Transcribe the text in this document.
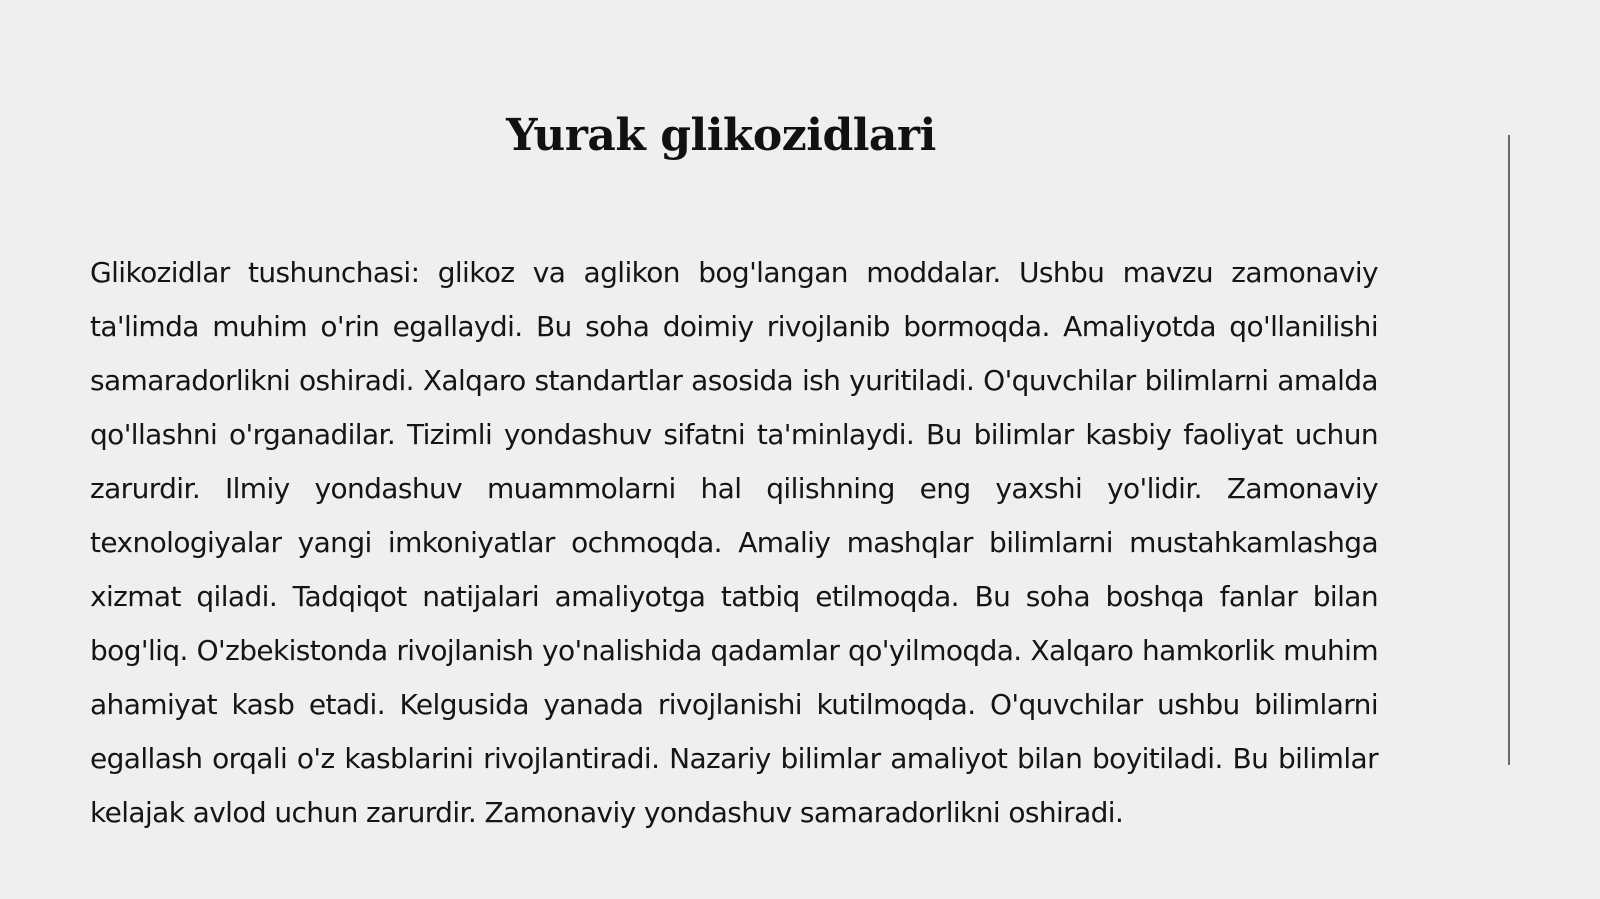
Yurak glikozidlari

Glikozidlar tushunchasi: glikoz va aglikon bog'langan moddalar. Ushbu mavzu zamonaviy ta'limda muhim o'rin egallaydi. Bu soha doimiy rivojlanib bormoqda. Amaliyotda qo'llanilishi samaradorlikni oshiradi. Xalqaro standartlar asosida ish yuritiladi. O'quvchilar bilimlarni amalda qo'llashni o'rganadilar. Tizimli yondashuv sifatni ta'minlaydi. Bu bilimlar kasbiy faoliyat uchun zarurdir. Ilmiy yondashuv muammolarni hal qilishning eng yaxshi yo'lidir. Zamonaviy texnologiyalar yangi imkoniyatlar ochmoqda. Amaliy mashqlar bilimlarni mustahkamlashga xizmat qiladi. Tadqiqot natijalari amaliyotga tatbiq etilmoqda. Bu soha boshqa fanlar bilan bog'liq. O'zbekistonda rivojlanish yo'nalishida qadamlar qo'yilmoqda. Xalqaro hamkorlik muhim ahamiyat kasb etadi. Kelgusida yanada rivojlanishi kutilmoqda. O'quvchilar ushbu bilimlarni egallash orqali o'z kasblarini rivojlantiradi. Nazariy bilimlar amaliyot bilan boyitiladi. Bu bilimlar kelajak avlod uchun zarurdir. Zamonaviy yondashuv samaradorlikni oshiradi.
